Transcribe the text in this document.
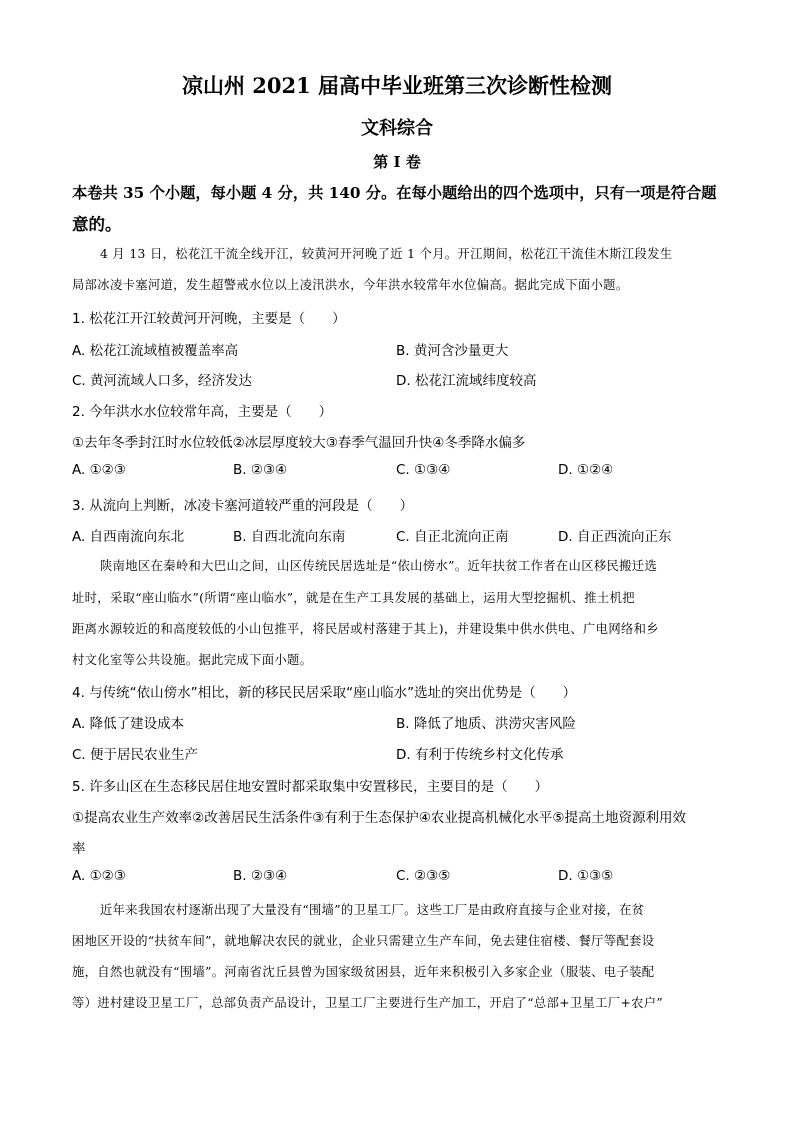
凉山州 2021 届高中毕业班第三次诊断性检测
文科综合
第 I 卷
本卷共 35 个小题，每小题 4 分，共 140 分。在每小题给出的四个选项中，只有一项是符合题
意的。
4 月 13 日，松花江干流全线开江，较黄河开河晚了近 1 个月。开江期间，松花江干流佳木斯江段发生
局部冰凌卡塞河道，发生超警戒水位以上凌汛洪水，今年洪水较常年水位偏高。据此完成下面小题。
1. 松花江开江较黄河开河晚，主要是（　　）
A. 松花江流域植被覆盖率高	B. 黄河含沙量更大
C. 黄河流域人口多，经济发达	D. 松花江流域纬度较高
2. 今年洪水水位较常年高，主要是（　　）
①去年冬季封江时水位较低②冰层厚度较大③春季气温回升快④冬季降水偏多
A. ①②③	B. ②③④	C. ①③④	D. ①②④
3. 从流向上判断，冰凌卡塞河道较严重的河段是（　　）
A. 自西南流向东北	B. 自西北流向东南	C. 自正北流向正南	D. 自正西流向正东
陕南地区在秦岭和大巴山之间，山区传统民居选址是“依山傍水”。近年扶贫工作者在山区移民搬迁选
址时，采取“座山临水”(所谓“座山临水”，就是在生产工具发展的基础上，运用大型挖掘机、推土机把
距离水源较近的和高度较低的小山包推平，将民居或村落建于其上)，并建设集中供水供电、广电网络和乡
村文化室等公共设施。据此完成下面小题。
4. 与传统“依山傍水”相比，新的移民民居采取“座山临水”选址的突出优势是（　　）
A. 降低了建设成本	B. 降低了地质、洪涝灾害风险
C. 便于居民农业生产	D. 有利于传统乡村文化传承
5. 许多山区在生态移民居住地安置时都采取集中安置移民，主要目的是（　　）
①提高农业生产效率②改善居民生活条件③有利于生态保护④农业提高机械化水平⑤提高土地资源利用效
率
A. ①②③	B. ②③④	C. ②③⑤	D. ①③⑤
近年来我国农村逐渐出现了大量没有“围墙”的卫星工厂。这些工厂是由政府直接与企业对接，在贫
困地区开设的“扶贫车间”，就地解决农民的就业，企业只需建立生产车间，免去建住宿楼、餐厅等配套设
施，自然也就没有“围墙”。河南省沈丘县曾为国家级贫困县，近年来积极引入多家企业（服装、电子装配
等）进村建设卫星工厂，总部负责产品设计，卫星工厂主要进行生产加工，开启了“总部+卫星工厂+农户”
